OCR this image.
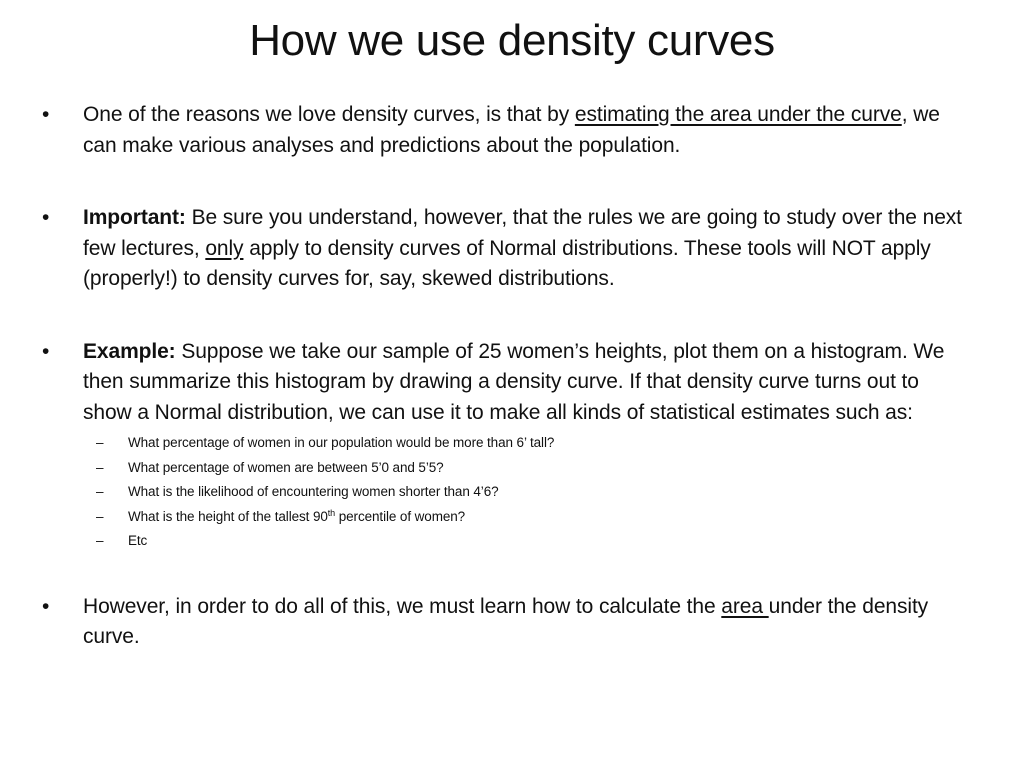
How we use density curves
•	One of the reasons we love density curves, is that by estimating the area under the curve, we can make various analyses and predictions about the population.
•	Important: Be sure you understand, however, that the rules we are going to study over the next few lectures, only apply to density curves of Normal distributions. These tools will NOT apply (properly!) to density curves for, say, skewed distributions.
•	Example: Suppose we take our sample of 25 women’s heights, plot them on a histogram. We then summarize this histogram by drawing a density curve. If that density curve turns out to show a Normal distribution, we can use it to make all kinds of statistical estimates such as:
– What percentage of women in our population would be more than 6’ tall?
– What percentage of women are between 5’0 and 5’5?
– What is the likelihood of encountering women shorter than 4’6?
– What is the height of the tallest 90th percentile of women?
– Etc
•	However, in order to do all of this, we must learn how to calculate the area under the density curve.
